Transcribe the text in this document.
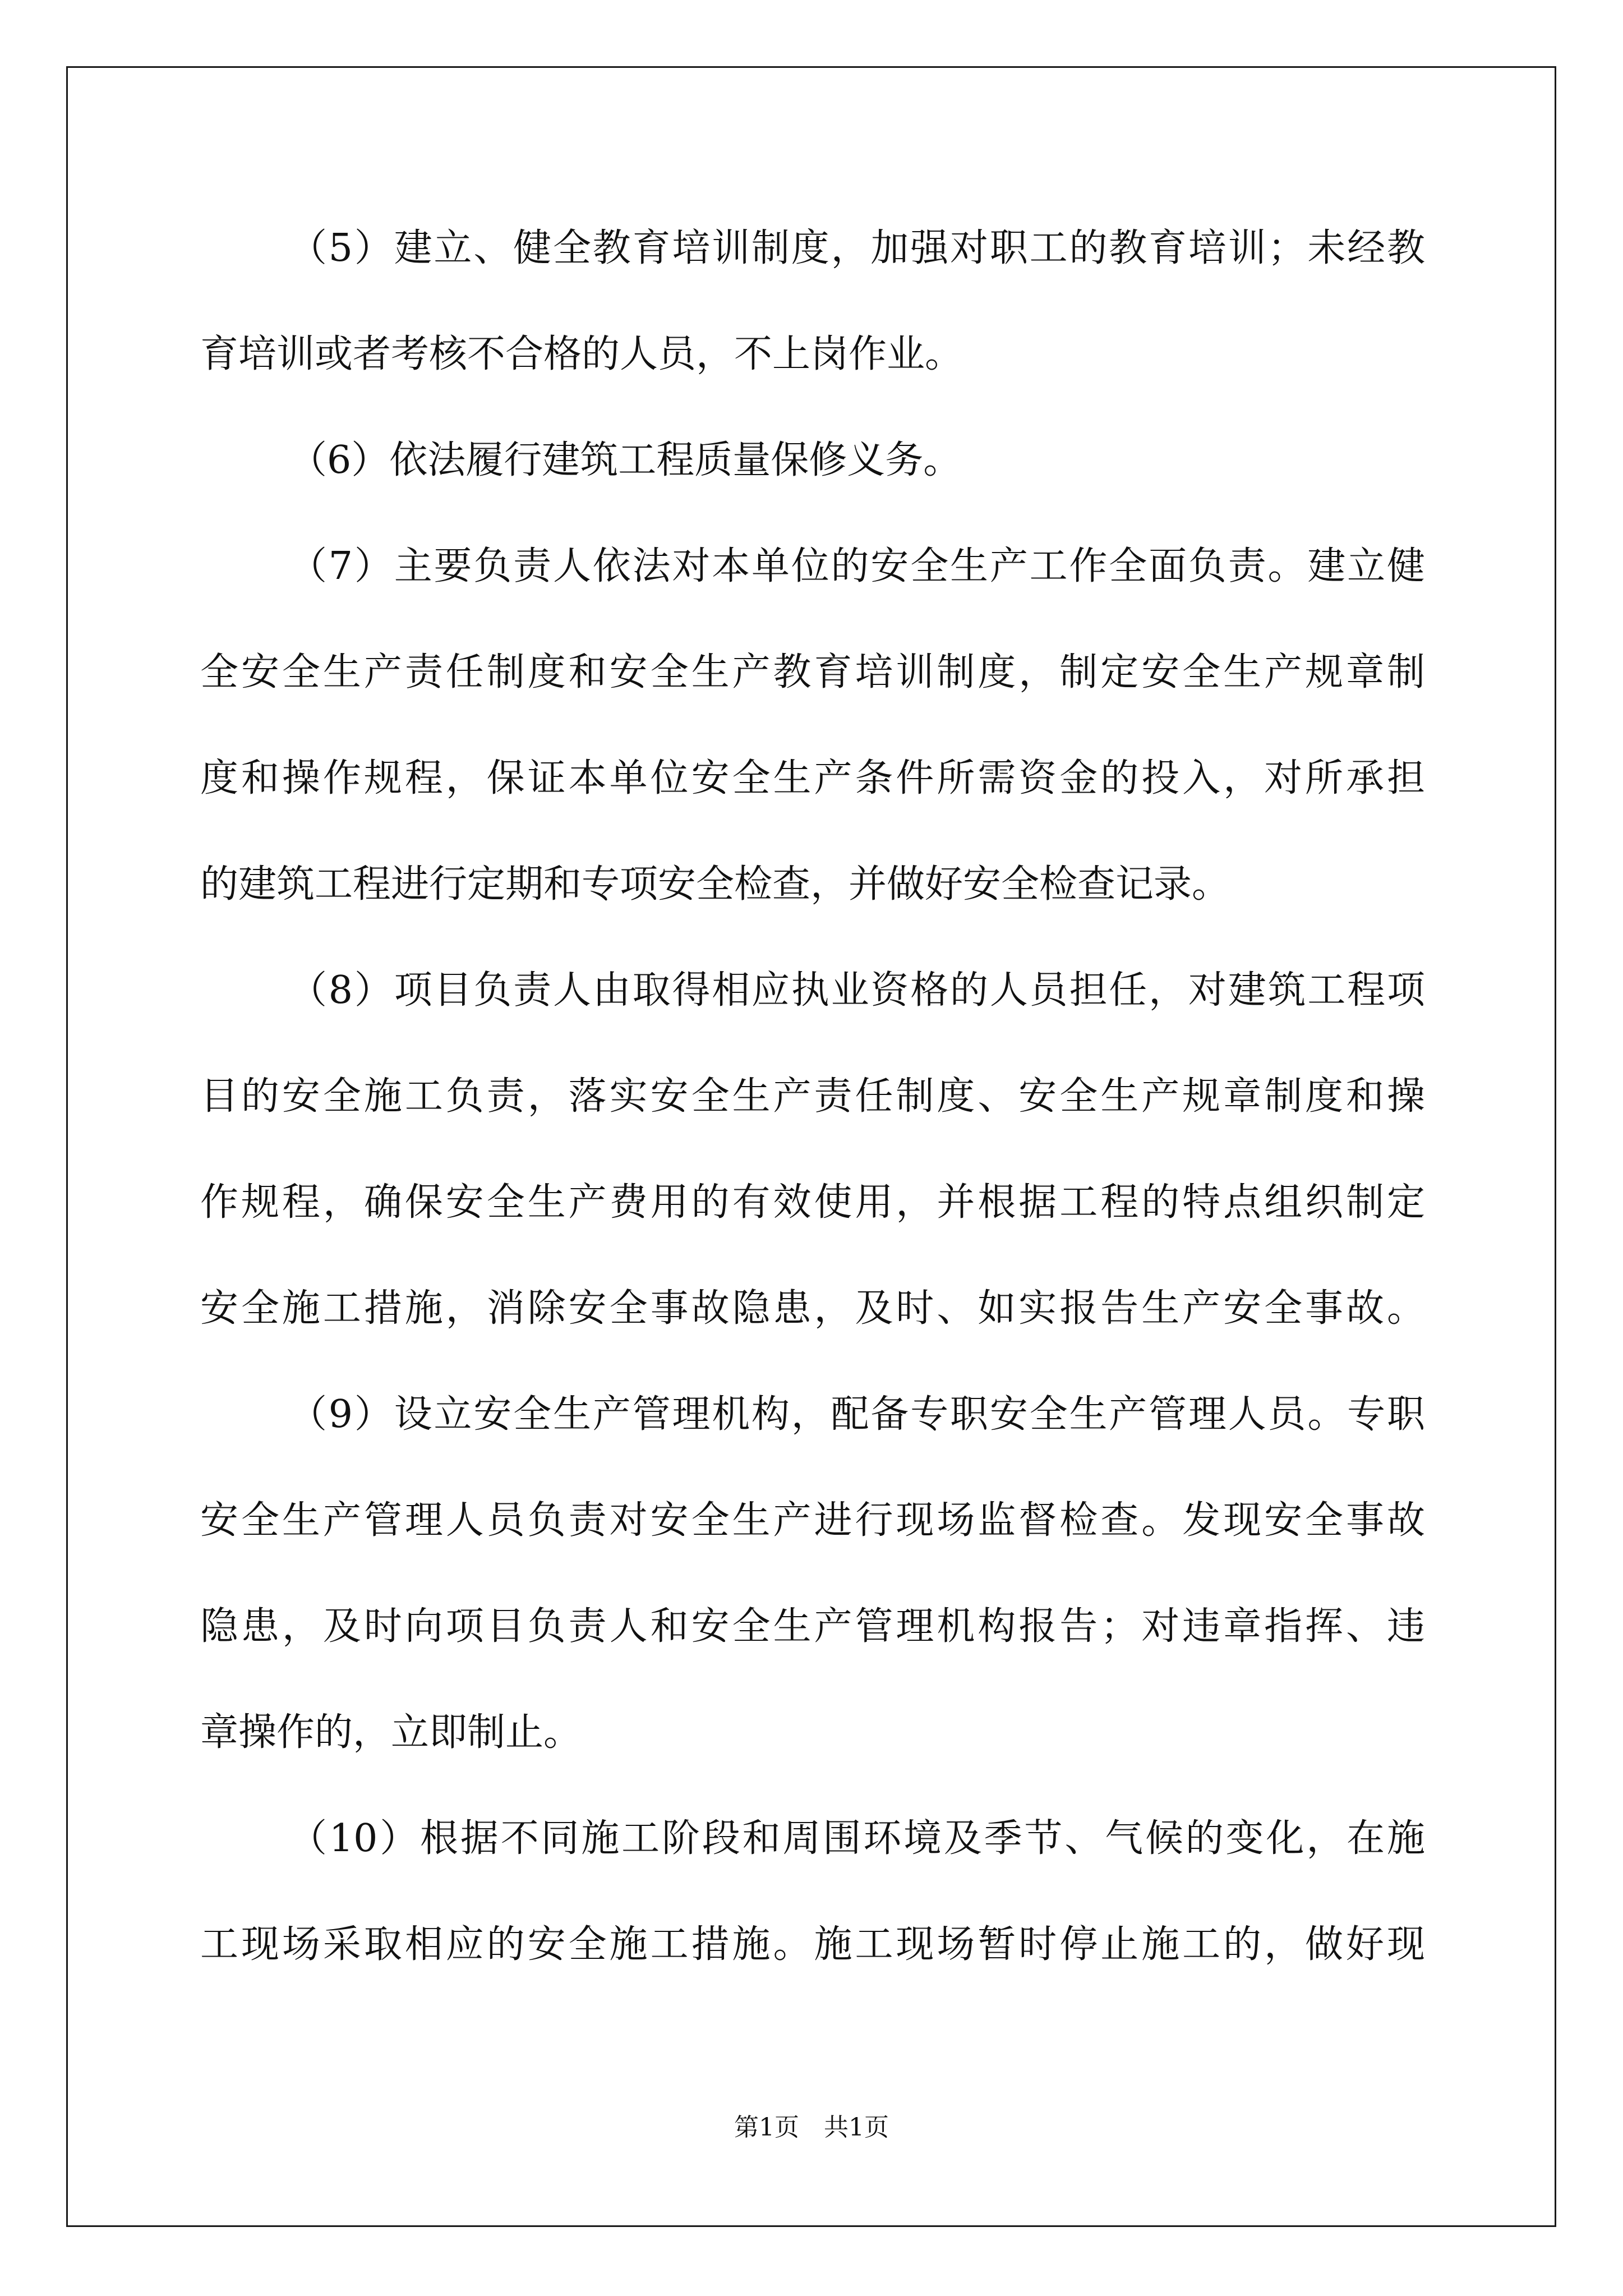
（5）建立、健全教育培训制度，加强对职工的教育培训；未经教
育培训或者考核不合格的人员，不上岗作业。
（6）依法履行建筑工程质量保修义务。
（7）主要负责人依法对本单位的安全生产工作全面负责。建立健
全安全生产责任制度和安全生产教育培训制度，制定安全生产规章制
度和操作规程，保证本单位安全生产条件所需资金的投入，对所承担
的建筑工程进行定期和专项安全检查，并做好安全检查记录。
（8）项目负责人由取得相应执业资格的人员担任，对建筑工程项
目的安全施工负责，落实安全生产责任制度、安全生产规章制度和操
作规程，确保安全生产费用的有效使用，并根据工程的特点组织制定
安全施工措施，消除安全事故隐患，及时、如实报告生产安全事故。
（9）设立安全生产管理机构，配备专职安全生产管理人员。专职
安全生产管理人员负责对安全生产进行现场监督检查。发现安全事故
隐患，及时向项目负责人和安全生产管理机构报告；对违章指挥、违
章操作的，立即制止。
（10）根据不同施工阶段和周围环境及季节、气候的变化，在施
工现场采取相应的安全施工措施。施工现场暂时停止施工的，做好现
第1页　共1页
